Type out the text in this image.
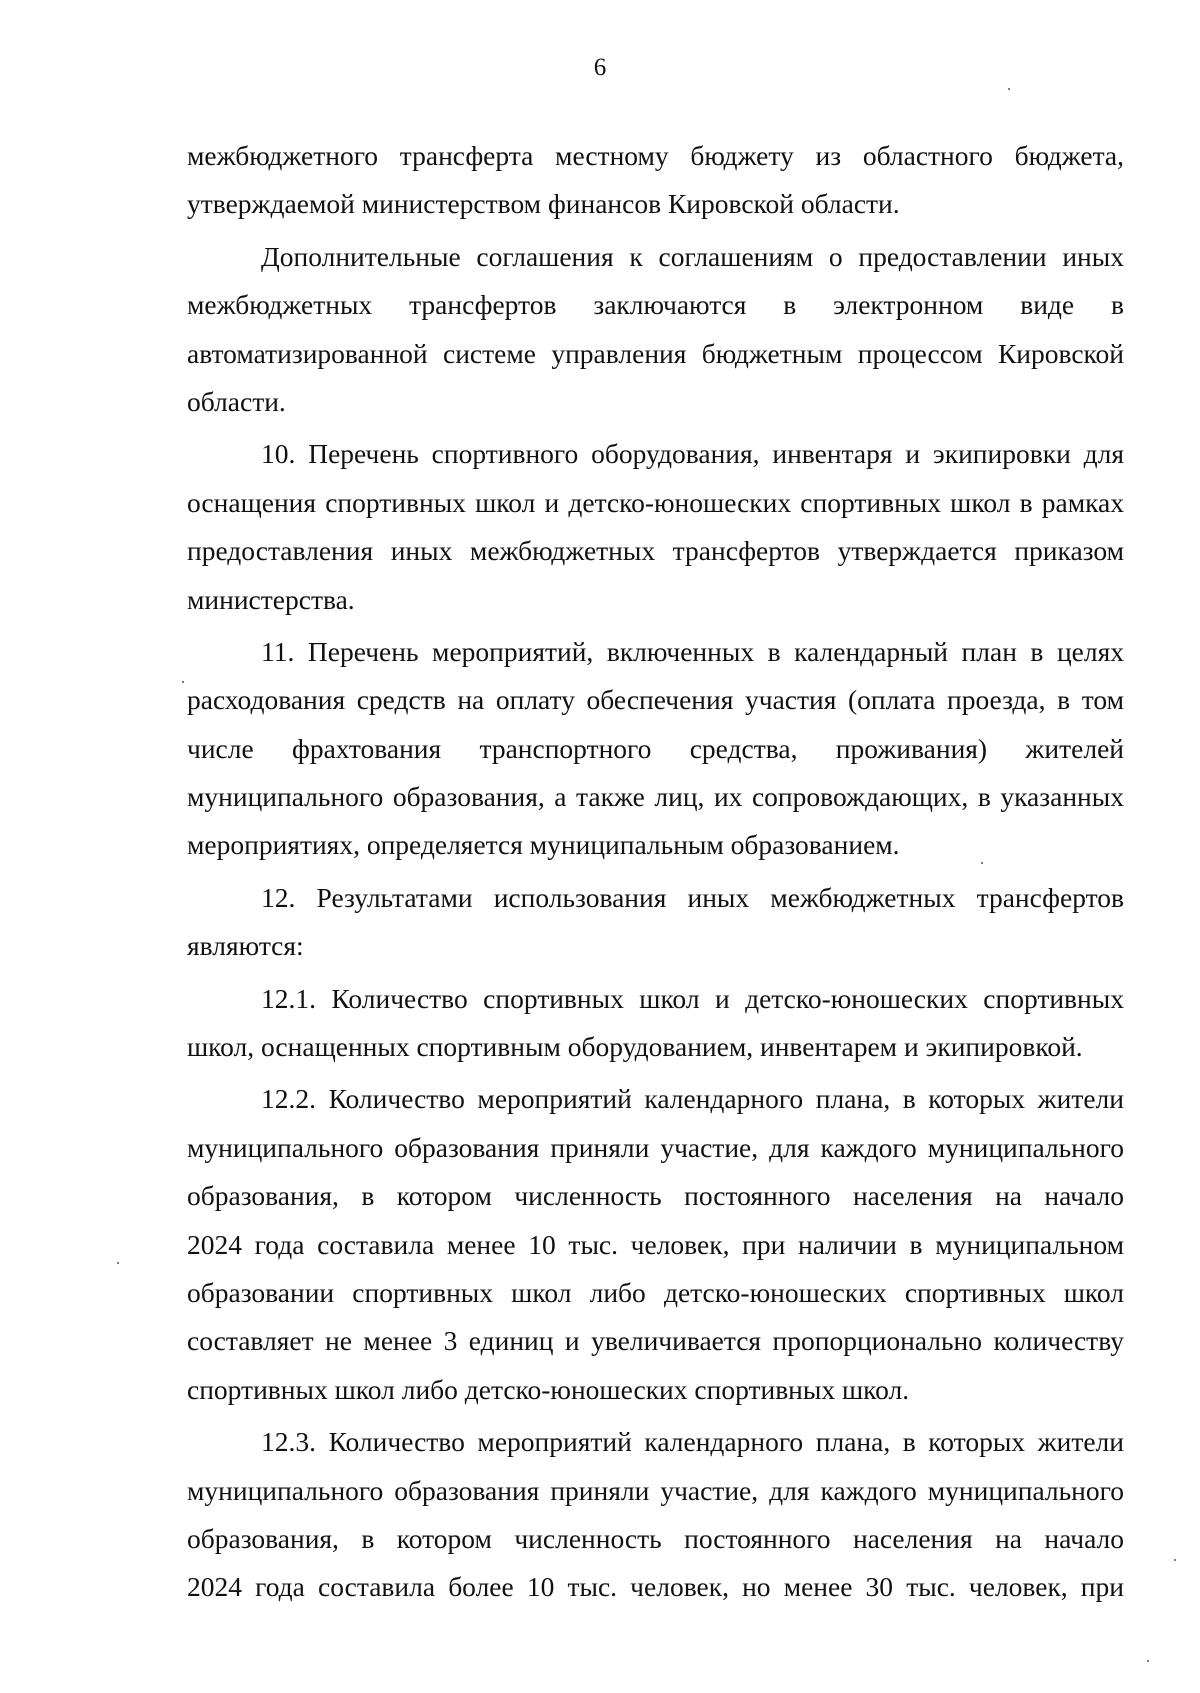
6
межбюджетного трансферта местному бюджету из областного бюджета,
утверждаемой министерством финансов Кировской области.
Дополнительные соглашения к соглашениям о предоставлении иных
межбюджетных трансфертов заключаются в электронном виде в
автоматизированной системе управления бюджетным процессом Кировской
области.
10. Перечень спортивного оборудования, инвентаря и экипировки для
оснащения спортивных школ и детско-юношеских спортивных школ в рамках
предоставления иных межбюджетных трансфертов утверждается приказом
министерства.
11. Перечень мероприятий, включенных в календарный план в целях
расходования средств на оплату обеспечения участия (оплата проезда, в том
числе фрахтования транспортного средства, проживания) жителей
муниципального образования, а также лиц, их сопровождающих, в указанных
мероприятиях, определяется муниципальным образованием.
12. Результатами использования иных межбюджетных трансфертов
являются:
12.1. Количество спортивных школ и детско-юношеских спортивных
школ, оснащенных спортивным оборудованием, инвентарем и экипировкой.
12.2. Количество мероприятий календарного плана, в которых жители
муниципального образования приняли участие, для каждого муниципального
образования, в котором численность постоянного населения на начало
2024 года составила менее 10 тыс. человек, при наличии в муниципальном
образовании спортивных школ либо детско-юношеских спортивных школ
составляет не менее 3 единиц и увеличивается пропорционально количеству
спортивных школ либо детско-юношеских спортивных школ.
12.3. Количество мероприятий календарного плана, в которых жители
муниципального образования приняли участие, для каждого муниципального
образования, в котором численность постоянного населения на начало
2024 года составила более 10 тыс. человек, но менее 30 тыс. человек, при
